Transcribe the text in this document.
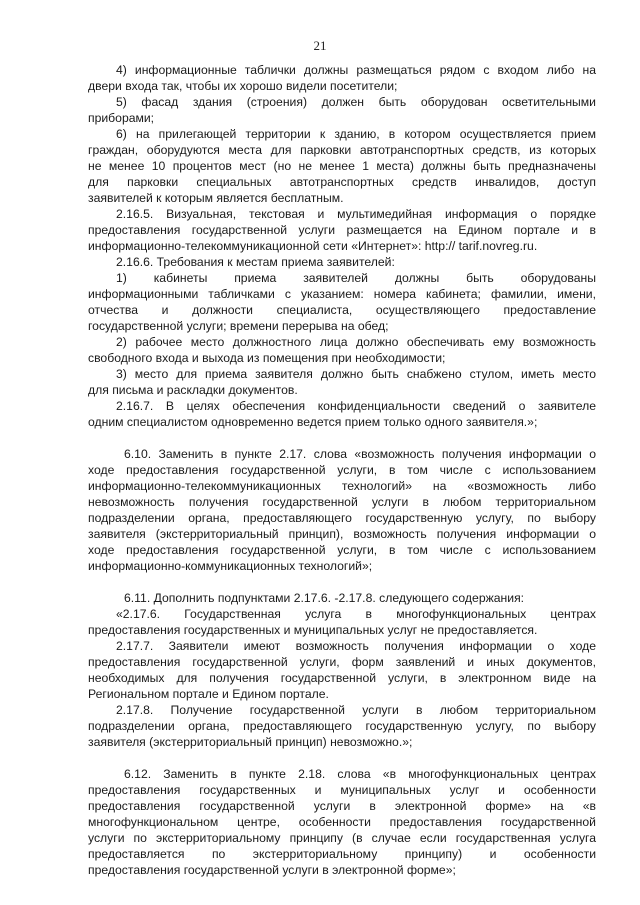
21
4) информационные таблички должны размещаться рядом с входом либо на
двери входа так, чтобы их хорошо видели посетители;
5) фасад здания (строения) должен быть оборудован осветительными
приборами;
6) на прилегающей территории к зданию, в котором осуществляется прием
граждан, оборудуются места для парковки автотранспортных средств, из которых
не менее 10 процентов мест (но не менее 1 места) должны быть предназначены
для парковки специальных автотранспортных средств инвалидов, доступ
заявителей к которым является бесплатным.
2.16.5. Визуальная, текстовая и мультимедийная информация о порядке
предоставления государственной услуги размещается на Едином портале и в
информационно-телекоммуникационной сети «Интернет»: http:// tarif.novreg.ru.
2.16.6. Требования к местам приема заявителей:
1) кабинеты приема заявителей должны быть оборудованы
информационными табличками с указанием: номера кабинета; фамилии, имени,
отчества и должности специалиста, осуществляющего предоставление
государственной услуги; времени перерыва на обед;
2) рабочее место должностного лица должно обеспечивать ему возможность
свободного входа и выхода из помещения при необходимости;
3) место для приема заявителя должно быть снабжено стулом, иметь место
для письма и раскладки документов.
2.16.7. В целях обеспечения конфиденциальности сведений о заявителе
одним специалистом одновременно ведется прием только одного заявителя.»;
6.10. Заменить в пункте 2.17. слова «возможность получения информации о
ходе предоставления государственной услуги, в том числе с использованием
информационно-телекоммуникационных технологий» на «возможность либо
невозможность получения государственной услуги в любом территориальном
подразделении органа, предоставляющего государственную услугу, по выбору
заявителя (экстерриториальный принцип), возможность получения информации о
ходе предоставления государственной услуги, в том числе с использованием
информационно-коммуникационных технологий»;
6.11. Дополнить подпунктами 2.17.6. -2.17.8. следующего содержания:
«2.17.6. Государственная услуга в многофункциональных центрах
предоставления государственных и муниципальных услуг не предоставляется.
2.17.7. Заявители имеют возможность получения информации о ходе
предоставления государственной услуги, форм заявлений и иных документов,
необходимых для получения государственной услуги, в электронном виде на
Региональном портале и Едином портале.
2.17.8. Получение государственной услуги в любом территориальном
подразделении органа, предоставляющего государственную услугу, по выбору
заявителя (экстерриториальный принцип) невозможно.»;
6.12. Заменить в пункте 2.18. слова «в многофункциональных центрах
предоставления государственных и муниципальных услуг и особенности
предоставления государственной услуги в электронной форме» на «в
многофункциональном центре, особенности предоставления государственной
услуги по экстерриториальному принципу (в случае если государственная услуга
предоставляется по экстерриториальному принципу) и особенности
предоставления государственной услуги в электронной форме»;
